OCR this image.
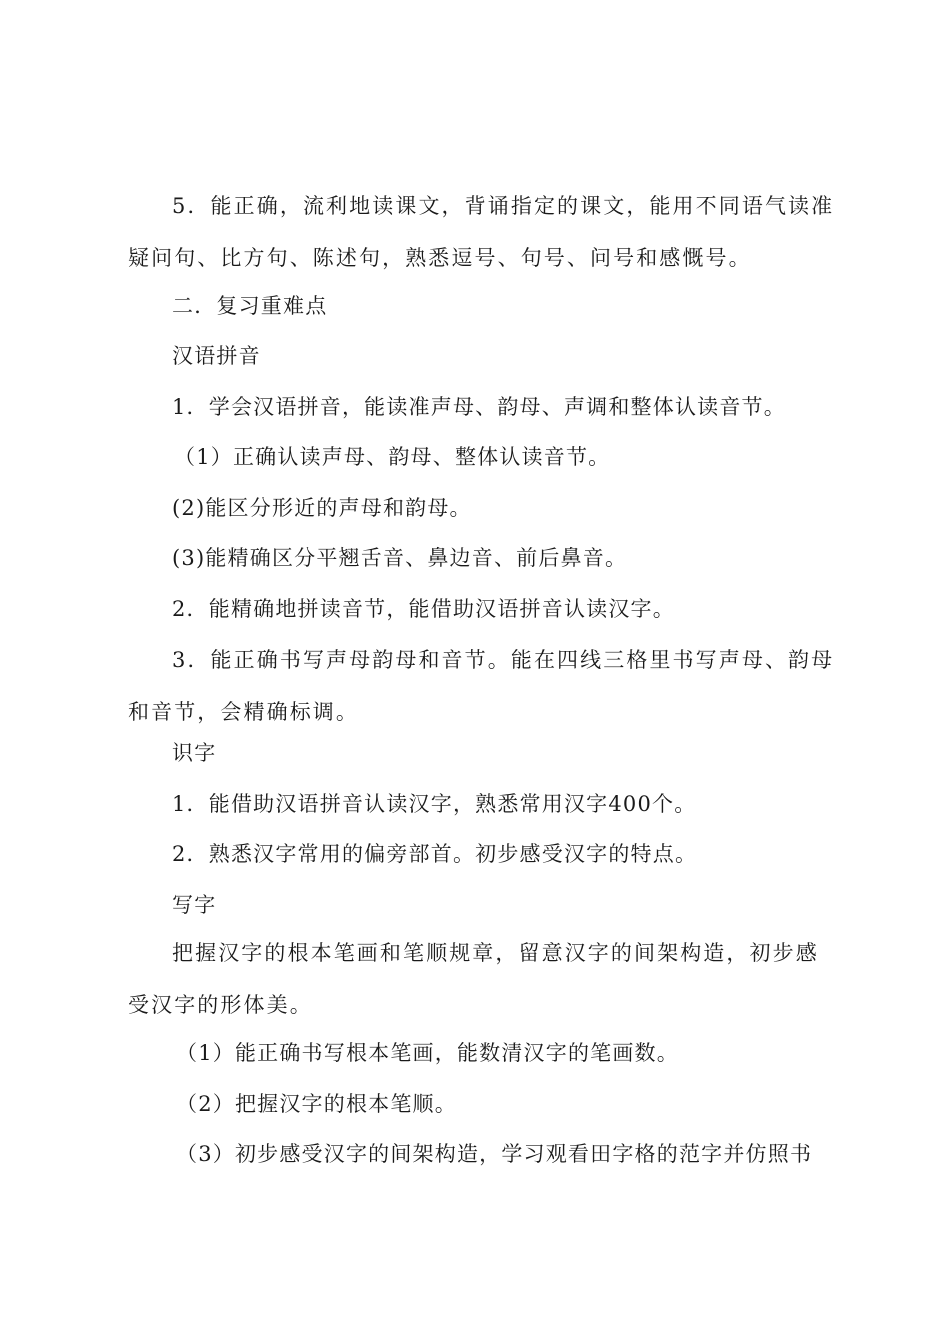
5．能正确，流利地读课文，背诵指定的课文，能用不同语气读准疑问句、比方句、陈述句，熟悉逗号、句号、问号和感慨号。
二．复习重难点
汉语拼音
1．学会汉语拼音，能读准声母、韵母、声调和整体认读音节。
（1）正确认读声母、韵母、整体认读音节。
(2)能区分形近的声母和韵母。
(3)能精确区分平翘舌音、鼻边音、前后鼻音。
2．能精确地拼读音节，能借助汉语拼音认读汉字。
3．能正确书写声母韵母和音节。能在四线三格里书写声母、韵母和音节，会精确标调。
识字
1．能借助汉语拼音认读汉字，熟悉常用汉字400个。
2．熟悉汉字常用的偏旁部首。初步感受汉字的特点。
写字
把握汉字的根本笔画和笔顺规章，留意汉字的间架构造，初步感受汉字的形体美。
（1）能正确书写根本笔画，能数清汉字的笔画数。
（2）把握汉字的根本笔顺。
（3）初步感受汉字的间架构造，学习观看田字格的范字并仿照书
